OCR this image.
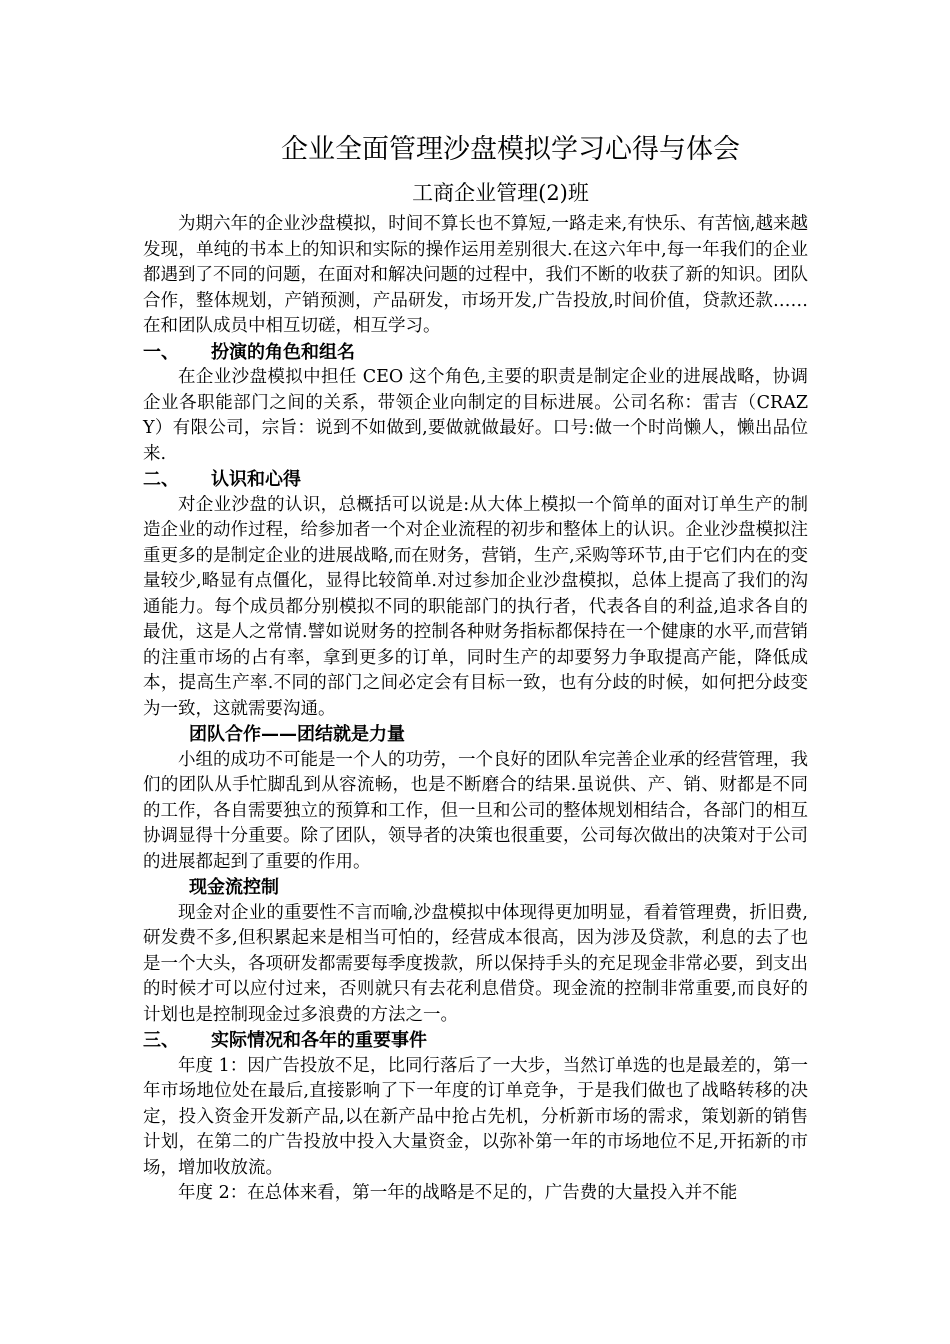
企业全面管理沙盘模拟学习心得与体会
工商企业管理(2)班

为期六年的企业沙盘模拟，时间不算长也不算短,一路走来,有快乐、有苦恼,越来越发现，单纯的书本上的知识和实际的操作运用差别很大.在这六年中,每一年我们的企业都遇到了不同的问题，在面对和解决问题的过程中，我们不断的收获了新的知识。团队合作，整体规划，产销预测，产品研发，市场开发,广告投放,时间价值，贷款还款……在和团队成员中相互切磋，相互学习。

一、 扮演的角色和组名

在企业沙盘模拟中担任 CEO 这个角色,主要的职责是制定企业的进展战略，协调企业各职能部门之间的关系，带领企业向制定的目标进展。公司名称：雷吉（CRAZY）有限公司，宗旨：说到不如做到,要做就做最好。口号:做一个时尚懒人，懒出品位来.

二、 认识和心得

对企业沙盘的认识，总概括可以说是:从大体上模拟一个简单的面对订单生产的制造企业的动作过程，给参加者一个对企业流程的初步和整体上的认识。企业沙盘模拟注重更多的是制定企业的进展战略,而在财务，营销，生产,采购等环节,由于它们内在的变量较少,略显有点僵化，显得比较简单.对过参加企业沙盘模拟，总体上提高了我们的沟通能力。每个成员都分别模拟不同的职能部门的执行者，代表各自的利益,追求各自的最优，这是人之常情.譬如说财务的控制各种财务指标都保持在一个健康的水平,而营销的注重市场的占有率，拿到更多的订单，同时生产的却要努力争取提高产能，降低成本，提高生产率.不同的部门之间必定会有目标一致，也有分歧的时候，如何把分歧变为一致，这就需要沟通。

团队合作——团结就是力量

小组的成功不可能是一个人的功劳，一个良好的团队牟完善企业承的经营管理，我们的团队从手忙脚乱到从容流畅，也是不断磨合的结果.虽说供、产、销、财都是不同的工作，各自需要独立的预算和工作，但一旦和公司的整体规划相结合，各部门的相互协调显得十分重要。除了团队，领导者的决策也很重要，公司每次做出的决策对于公司的进展都起到了重要的作用。

现金流控制

现金对企业的重要性不言而喻,沙盘模拟中体现得更加明显，看着管理费，折旧费,研发费不多,但积累起来是相当可怕的，经营成本很高，因为涉及贷款，利息的去了也是一个大头，各项研发都需要每季度拨款，所以保持手头的充足现金非常必要，到支出的时候才可以应付过来，否则就只有去花利息借贷。现金流的控制非常重要,而良好的计划也是控制现金过多浪费的方法之一。

三、 实际情况和各年的重要事件

年度 1：因广告投放不足，比同行落后了一大步，当然订单选的也是最差的，第一年市场地位处在最后,直接影响了下一年度的订单竞争，于是我们做也了战略转移的决定，投入资金开发新产品,以在新产品中抢占先机，分析新市场的需求，策划新的销售计划，在第二的广告投放中投入大量资金，以弥补第一年的市场地位不足,开拓新的市场，增加收放流。

年度 2：在总体来看，第一年的战略是不足的，广告费的大量投入并不能
